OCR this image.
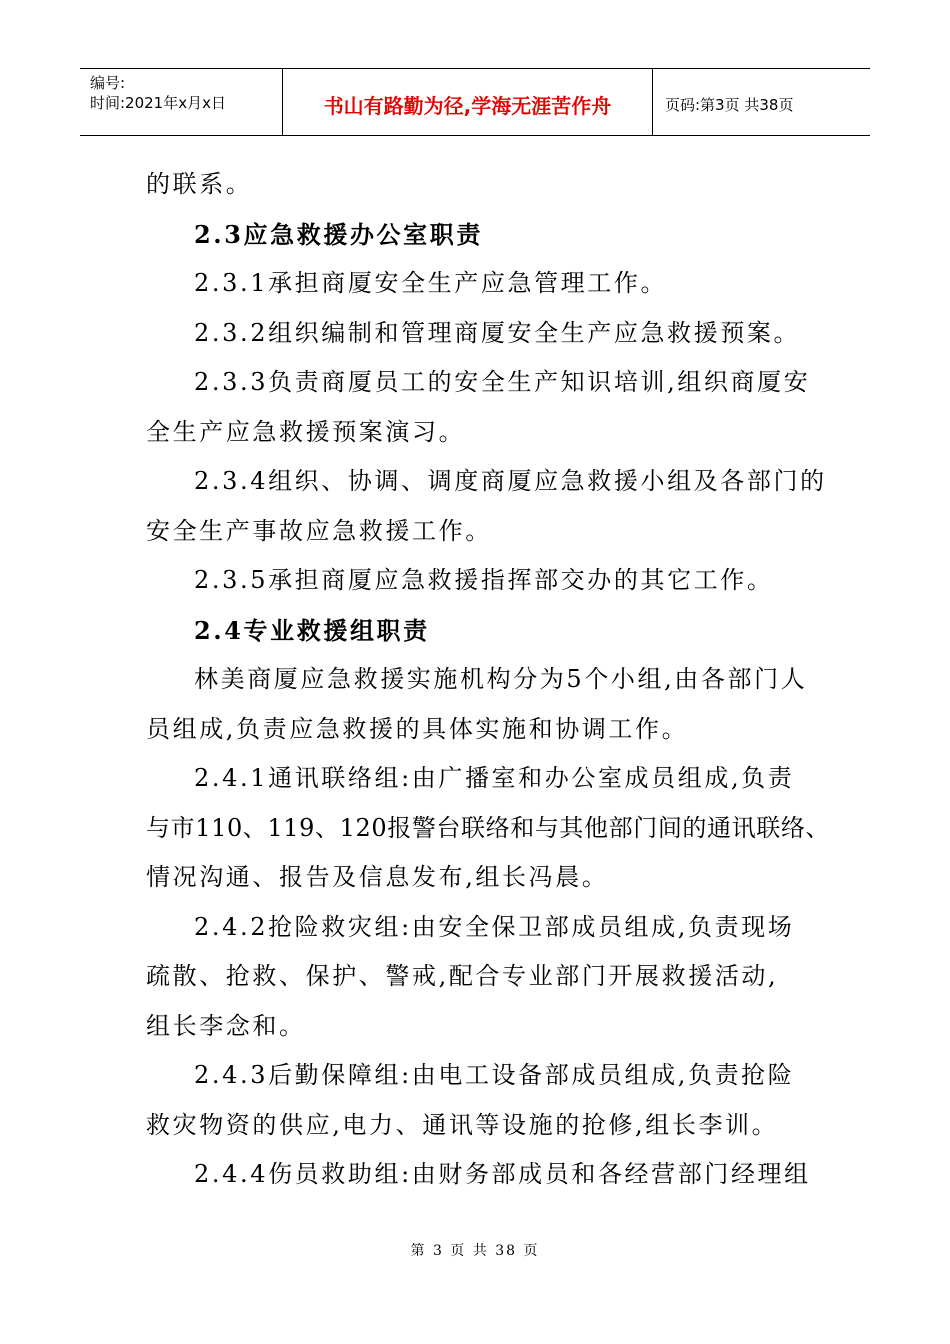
编号:
时间:2021年x月x日	书山有路勤为径,学海无涯苦作舟	页码:第3页 共38页
的联系。
2.3应急救援办公室职责
2.3.1承担商厦安全生产应急管理工作。
2.3.2组织编制和管理商厦安全生产应急救援预案。
2.3.3负责商厦员工的安全生产知识培训,组织商厦安
全生产应急救援预案演习。
2.3.4组织、协调、调度商厦应急救援小组及各部门的
安全生产事故应急救援工作。
2.3.5承担商厦应急救援指挥部交办的其它工作。
2.4专业救援组职责
林美商厦应急救援实施机构分为5个小组,由各部门人
员组成,负责应急救援的具体实施和协调工作。
2.4.1通讯联络组:由广播室和办公室成员组成,负责
与市110、119、120报警台联络和与其他部门间的通讯联络、
情况沟通、报告及信息发布,组长冯晨。
2.4.2抢险救灾组:由安全保卫部成员组成,负责现场
疏散、抢救、保护、警戒,配合专业部门开展救援活动,
组长李念和。
2.4.3后勤保障组:由电工设备部成员组成,负责抢险
救灾物资的供应,电力、通讯等设施的抢修,组长李训。
2.4.4伤员救助组:由财务部成员和各经营部门经理组
第 3 页 共 38 页
